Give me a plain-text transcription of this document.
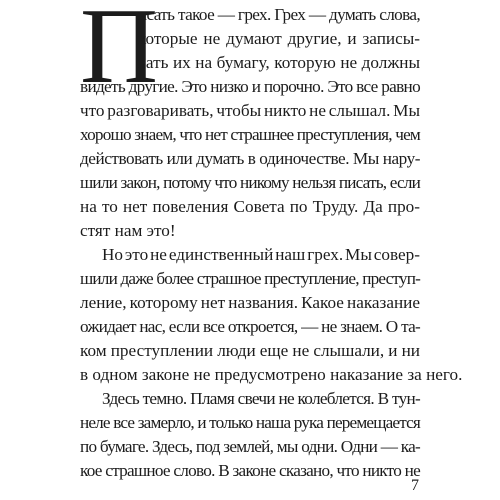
П
исать такое — грех. Грех — думать слова,
которые не думают другие, и записы-
вать их на бумагу, которую не должны
видеть другие. Это низко и порочно. Это все равно
что разговаривать, чтобы никто не слышал. Мы
хорошо знаем, что нет страшнее преступления, чем
действовать или думать в одиночестве. Мы нару-
шили закон, потому что никому нельзя писать, если
на то нет повеления Совета по Труду. Да про-
стят нам это!
Но это не единственный наш грех. Мы совер-
шили даже более страшное преступление, преступ-
ление, которому нет названия. Какое наказание
ожидает нас, если все откроется, — не знаем. О та-
ком преступлении люди еще не слышали, и ни
в одном законе не предусмотрено наказание за него.
Здесь темно. Пламя свечи не колеблется. В тун-
неле все замерло, и только наша рука перемещается
по бумаге. Здесь, под землей, мы одни. Одни — ка-
кое страшное слово. В законе сказано, что никто не
7
